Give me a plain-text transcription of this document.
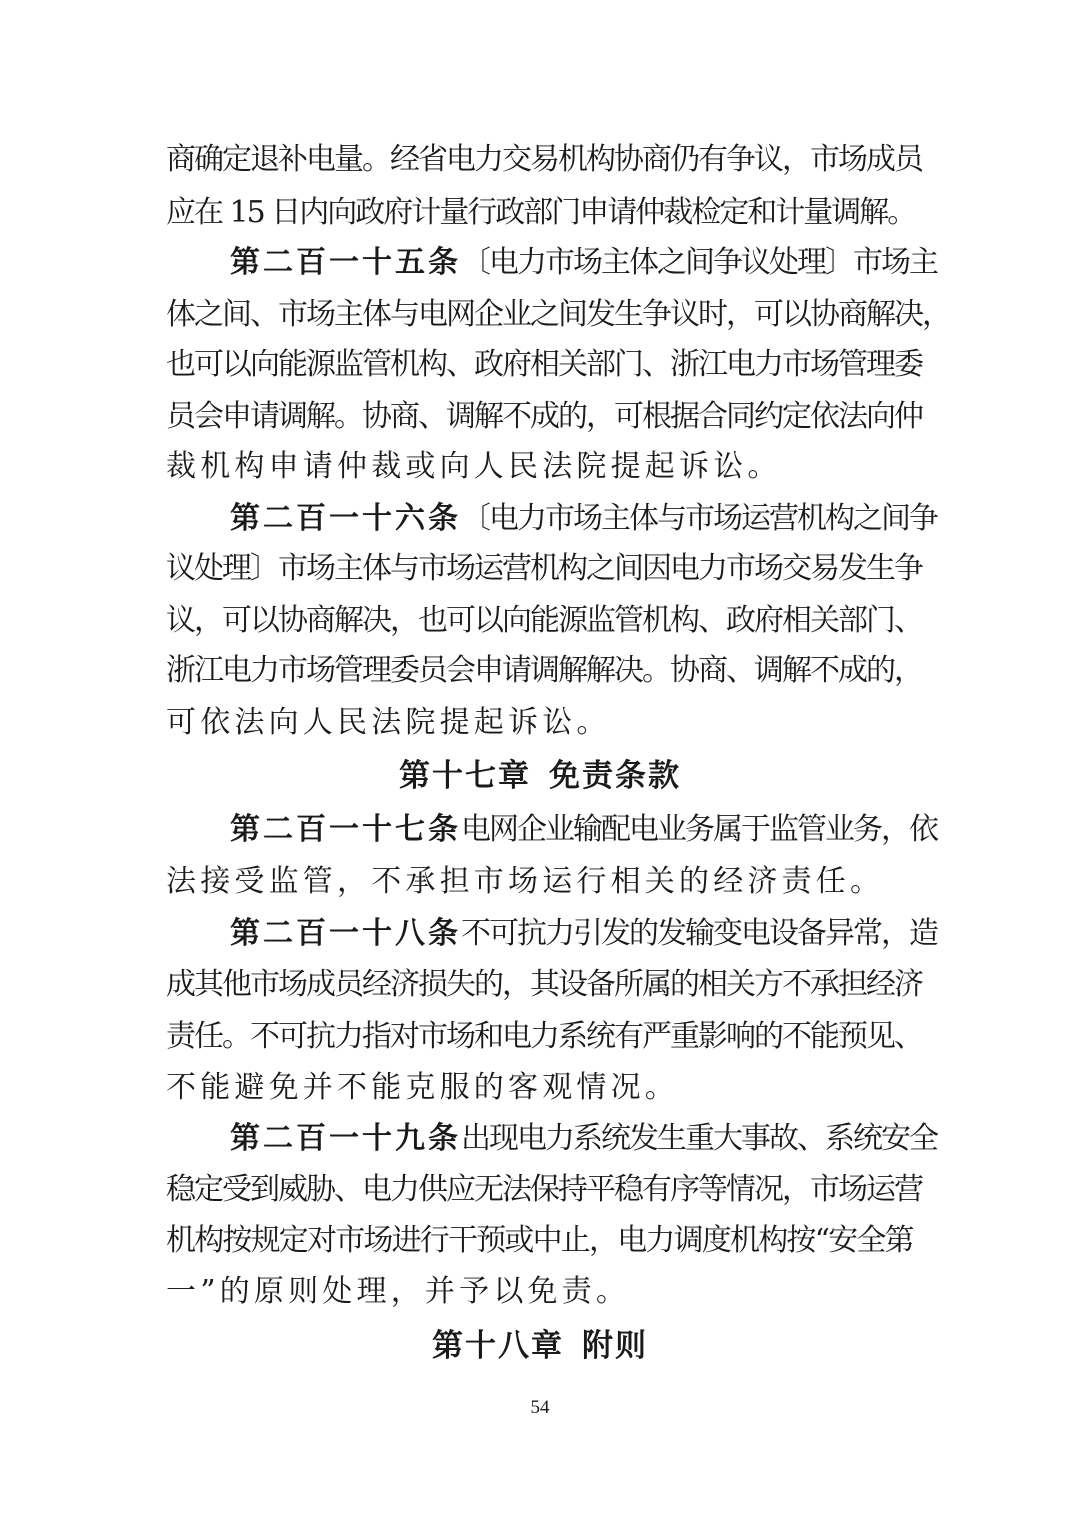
商确定退补电量。经省电力交易机构协商仍有争议，市场成员
应在 15 日内向政府计量行政部门申请仲裁检定和计量调解。
第二百一十五条〔电力市场主体之间争议处理〕市场主
体之间、市场主体与电网企业之间发生争议时，可以协商解决，
也可以向能源监管机构、政府相关部门、浙江电力市场管理委
员会申请调解。协商、调解不成的，可根据合同约定依法向仲
裁机构申请仲裁或向人民法院提起诉讼。
第二百一十六条〔电力市场主体与市场运营机构之间争
议处理〕市场主体与市场运营机构之间因电力市场交易发生争
议，可以协商解决，也可以向能源监管机构、政府相关部门、
浙江电力市场管理委员会申请调解解决。协商、调解不成的，
可依法向人民法院提起诉讼。
第十七章 免责条款
第二百一十七条电网企业输配电业务属于监管业务，依
法接受监管，不承担市场运行相关的经济责任。
第二百一十八条不可抗力引发的发输变电设备异常，造
成其他市场成员经济损失的，其设备所属的相关方不承担经济
责任。不可抗力指对市场和电力系统有严重影响的不能预见、
不能避免并不能克服的客观情况。
第二百一十九条出现电力系统发生重大事故、系统安全
稳定受到威胁、电力供应无法保持平稳有序等情况，市场运营
机构按规定对市场进行干预或中止，电力调度机构按“安全第
一”的原则处理，并予以免责。
第十八章 附则
54
